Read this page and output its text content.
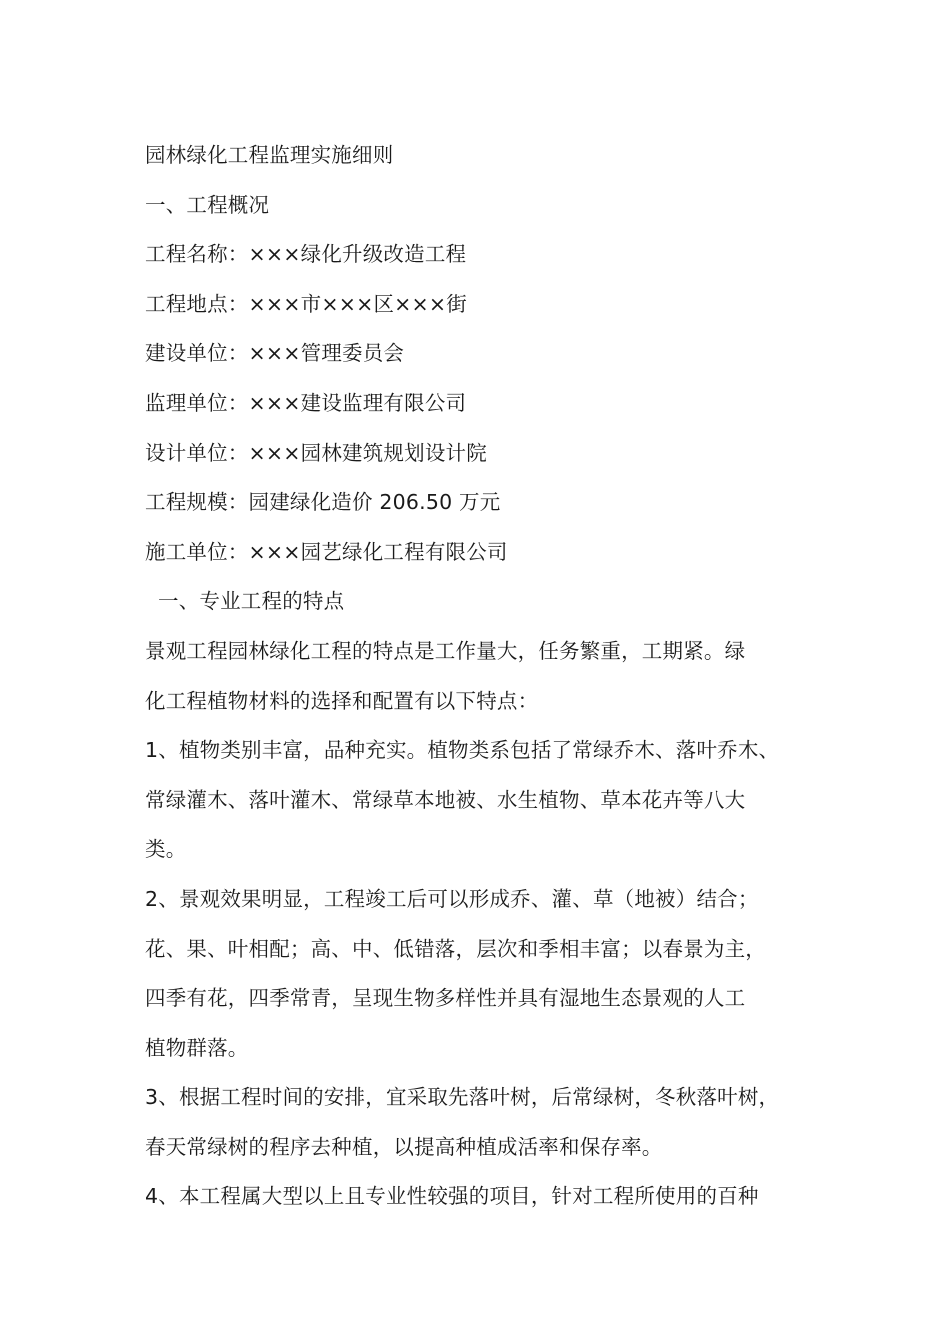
园林绿化工程监理实施细则
一、工程概况
工程名称：×××绿化升级改造工程
工程地点：×××市×××区×××街
建设单位：×××管理委员会
监理单位：×××建设监理有限公司
设计单位：×××园林建筑规划设计院
工程规模：园建绿化造价 206.50 万元
施工单位：×××园艺绿化工程有限公司
一、专业工程的特点
景观工程园林绿化工程的特点是工作量大，任务繁重，工期紧。绿
化工程植物材料的选择和配置有以下特点：
1、植物类别丰富，品种充实。植物类系包括了常绿乔木、落叶乔木、
常绿灌木、落叶灌木、常绿草本地被、水生植物、草本花卉等八大
类。
2、景观效果明显，工程竣工后可以形成乔、灌、草（地被）结合；
花、果、叶相配；高、中、低错落，层次和季相丰富；以春景为主，
四季有花，四季常青，呈现生物多样性并具有湿地生态景观的人工
植物群落。
3、根据工程时间的安排，宜采取先落叶树，后常绿树，冬秋落叶树，
春天常绿树的程序去种植，以提高种植成活率和保存率。
4、本工程属大型以上且专业性较强的项目，针对工程所使用的百种
